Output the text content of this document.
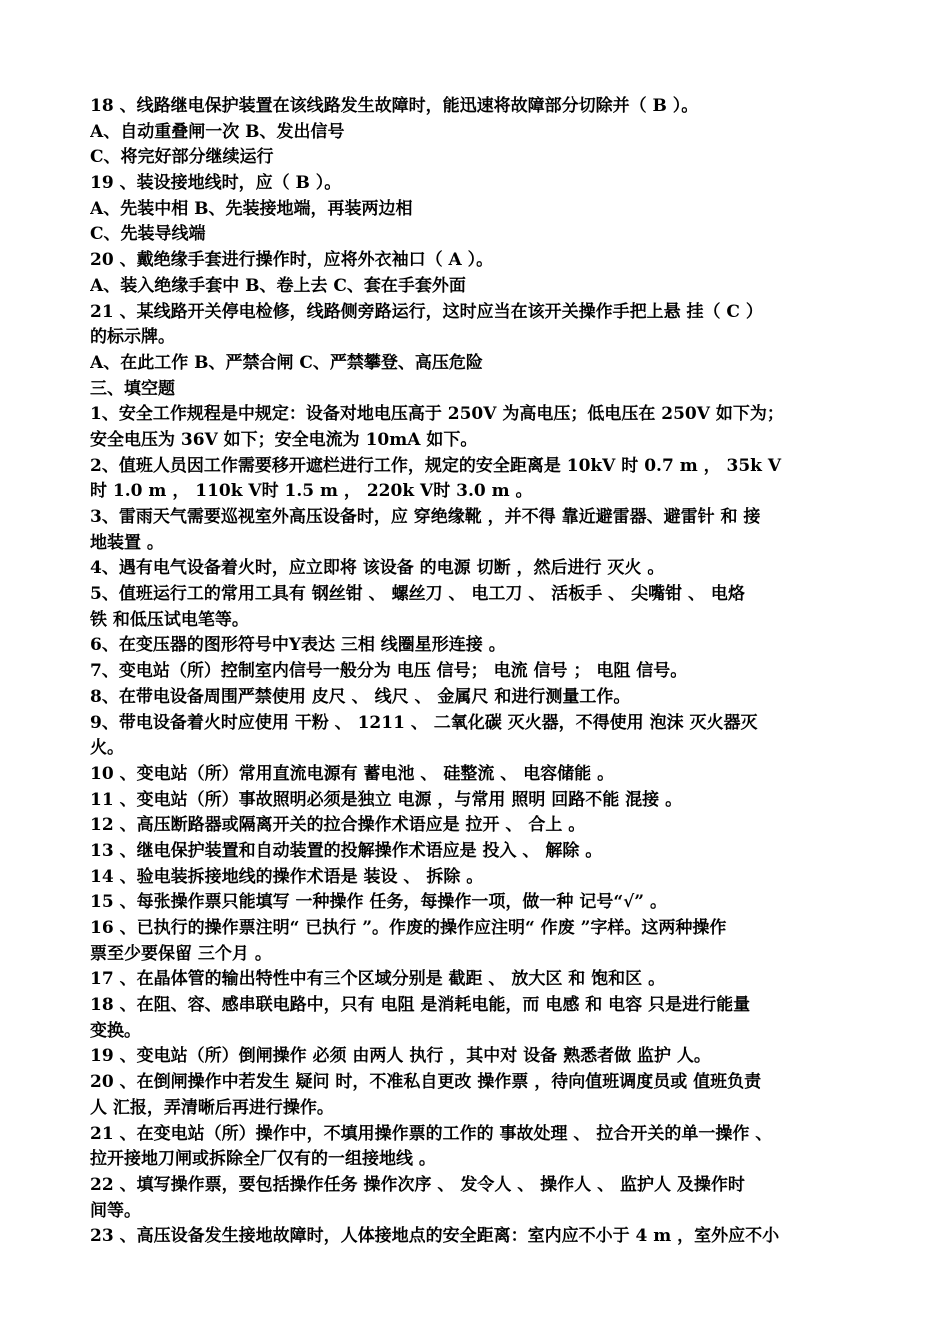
18 、线路继电保护装置在该线路发生故障时，能迅速将故障部分切除并（ B ）。
A、自动重叠闸一次 B、发出信号
C、将完好部分继续运行
19 、装设接地线时，应（ B ）。
A、先装中相 B、先装接地端，再装两边相
C、先装导线端
20 、戴绝缘手套进行操作时，应将外衣袖口（ A ）。
A、装入绝缘手套中 B、卷上去 C、套在手套外面
21 、某线路开关停电检修，线路侧旁路运行，这时应当在该开关操作手把上悬 挂（ C ）
的标示牌。
A、在此工作 B、严禁合闸 C、严禁攀登、高压危险
三、填空题
1、安全工作规程是中规定：设备对地电压高于 250V 为高电压；低电压在 250V 如下为；
安全电压为 36V 如下；安全电流为 10mA 如下。
2、值班人员因工作需要移开遮栏进行工作，规定的安全距离是 10kV 时 0.7 m ， 35k V
时 1.0 m ， 110k V时 1.5 m ， 220k V时 3.0 m 。
3、雷雨天气需要巡视室外高压设备时，应 穿绝缘靴 ，并不得 靠近避雷器、避雷针 和 接
地装置 。
4、遇有电气设备着火时，应立即将 该设备 的电源 切断 ，然后进行 灭火 。
5、值班运行工的常用工具有 钢丝钳 、 螺丝刀 、 电工刀 、 活板手 、 尖嘴钳 、 电烙
铁 和低压试电笔等。
6、在变压器的图形符号中Y表达 三相 线圈星形连接 。
7、变电站（所）控制室内信号一般分为 电压 信号； 电流 信号 ； 电阻 信号。
8、在带电设备周围严禁使用 皮尺 、 线尺 、 金属尺 和进行测量工作。
9、带电设备着火时应使用 干粉 、 1211 、 二氧化碳 灭火器，不得使用 泡沫 灭火器灭
火。
10 、变电站（所）常用直流电源有 蓄电池 、 硅整流 、 电容储能 。
11 、变电站（所）事故照明必须是独立 电源 ，与常用 照明 回路不能 混接 。
12 、高压断路器或隔离开关的拉合操作术语应是 拉开 、 合上 。
13 、继电保护装置和自动装置的投解操作术语应是 投入 、 解除 。
14 、验电装拆接地线的操作术语是 装设 、 拆除 。
15 、每张操作票只能填写 一种操作 任务，每操作一项，做一种 记号“√” 。
16 、已执行的操作票注明“ 已执行 ”。作废的操作应注明“ 作废 ”字样。这两种操作
票至少要保留 三个月 。
17 、在晶体管的输出特性中有三个区域分别是 截距 、 放大区 和 饱和区 。
18 、在阻、容、感串联电路中，只有 电阻 是消耗电能，而 电感 和 电容 只是进行能量
变换。
19 、变电站（所）倒闸操作 必须 由两人 执行 ，其中对 设备 熟悉者做 监护 人。
20 、在倒闸操作中若发生 疑问 时，不准私自更改 操作票 ，待向值班调度员或 值班负责
人 汇报，弄清晰后再进行操作。
21 、在变电站（所）操作中，不填用操作票的工作的 事故处理 、 拉合开关的单一操作 、
拉开接地刀闸或拆除全厂仅有的一组接地线 。
22 、填写操作票，要包括操作任务 操作次序 、 发令人 、 操作人 、 监护人 及操作时
间等。
23 、高压设备发生接地故障时，人体接地点的安全距离：室内应不小于 4 m ，室外应不小
